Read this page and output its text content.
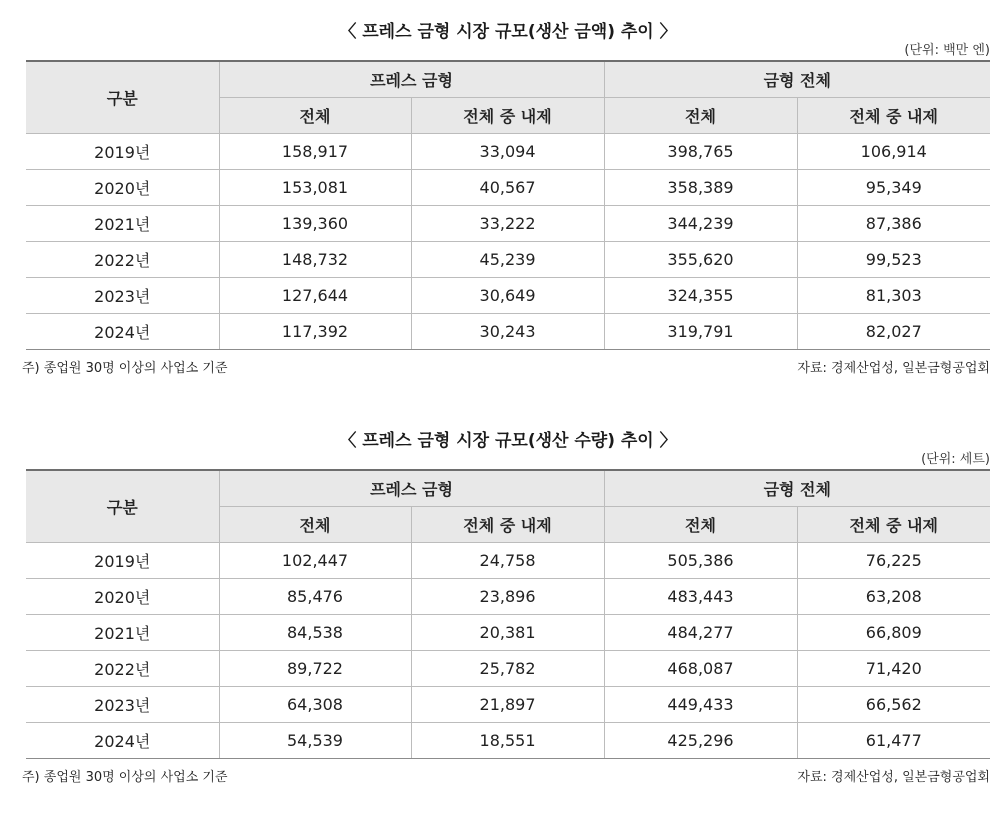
〈 프레스 금형 시장 규모(생산 금액) 추이 〉
(단위: 백만 엔)
구분	프레스 금형		금형 전체	
	전체	전체 중 내제	전체	전체 중 내제
2019년	158,917	33,094	398,765	106,914
2020년	153,081	40,567	358,389	95,349
2021년	139,360	33,222	344,239	87,386
2022년	148,732	45,239	355,620	99,523
2023년	127,644	30,649	324,355	81,303
2024년	117,392	30,243	319,791	82,027
주) 종업원 30명 이상의 사업소 기준	자료: 경제산업성, 일본금형공업회
〈 프레스 금형 시장 규모(생산 수량) 추이 〉
(단위: 세트)
구분	프레스 금형		금형 전체	
	전체	전체 중 내제	전체	전체 중 내제
2019년	102,447	24,758	505,386	76,225
2020년	85,476	23,896	483,443	63,208
2021년	84,538	20,381	484,277	66,809
2022년	89,722	25,782	468,087	71,420
2023년	64,308	21,897	449,433	66,562
2024년	54,539	18,551	425,296	61,477
주) 종업원 30명 이상의 사업소 기준	자료: 경제산업성, 일본금형공업회
